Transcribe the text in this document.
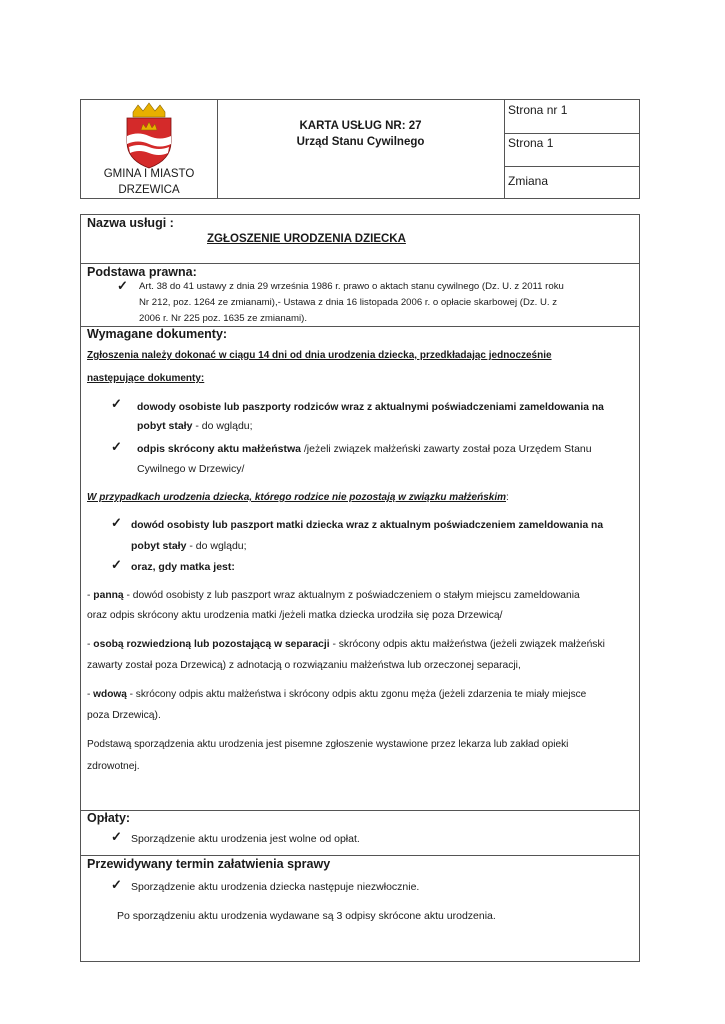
GMINA I MIASTO
DRZEWICA
KARTA USŁUG NR: 27
Urząd Stanu Cywilnego
Strona nr 1
Strona 1
Zmiana
Nazwa usługi :
ZGŁOSZENIE URODZENIA DZIECKA
Podstawa prawna:
✓ Art. 38 do 41 ustawy z dnia 29 września 1986 r. prawo o aktach stanu cywilnego (Dz. U. z 2011 roku
Nr 212, poz. 1264 ze zmianami),- Ustawa z dnia 16 listopada 2006 r. o opłacie skarbowej (Dz. U. z
2006 r. Nr 225 poz. 1635 ze zmianami).
Wymagane dokumenty:
Zgłoszenia należy dokonać w ciągu 14 dni od dnia urodzenia dziecka, przedkładając jednocześnie
następujące dokumenty:
✓ dowody osobiste lub paszporty rodziców wraz z aktualnymi poświadczeniami zameldowania na
pobyt stały - do wglądu;
✓ odpis skrócony aktu małżeństwa /jeżeli związek małżeński zawarty został poza Urzędem Stanu
Cywilnego w Drzewicy/
W przypadkach urodzenia dziecka, którego rodzice nie pozostają w związku małżeńskim:
✓ dowód osobisty lub paszport matki dziecka wraz z aktualnym poświadczeniem zameldowania na
pobyt stały - do wglądu;
✓ oraz, gdy matka jest:
- panną - dowód osobisty z lub paszport wraz aktualnym z poświadczeniem o stałym miejscu zameldowania
oraz odpis skrócony aktu urodzenia matki /jeżeli matka dziecka urodziła się poza Drzewicą/
- osobą rozwiedzioną lub pozostającą w separacji - skrócony odpis aktu małżeństwa (jeżeli związek małżeński
zawarty został poza Drzewicą) z adnotacją o rozwiązaniu małżeństwa lub orzeczonej separacji,
- wdową - skrócony odpis aktu małżeństwa i skrócony odpis aktu zgonu męża (jeżeli zdarzenia te miały miejsce
poza Drzewicą).
Podstawą sporządzenia aktu urodzenia jest pisemne zgłoszenie wystawione przez lekarza lub zakład opieki
zdrowotnej.
Opłaty:
✓ Sporządzenie aktu urodzenia jest wolne od opłat.
Przewidywany termin załatwienia sprawy
✓ Sporządzenie aktu urodzenia dziecka następuje niezwłocznie.
Po sporządzeniu aktu urodzenia wydawane są 3 odpisy skrócone aktu urodzenia.
